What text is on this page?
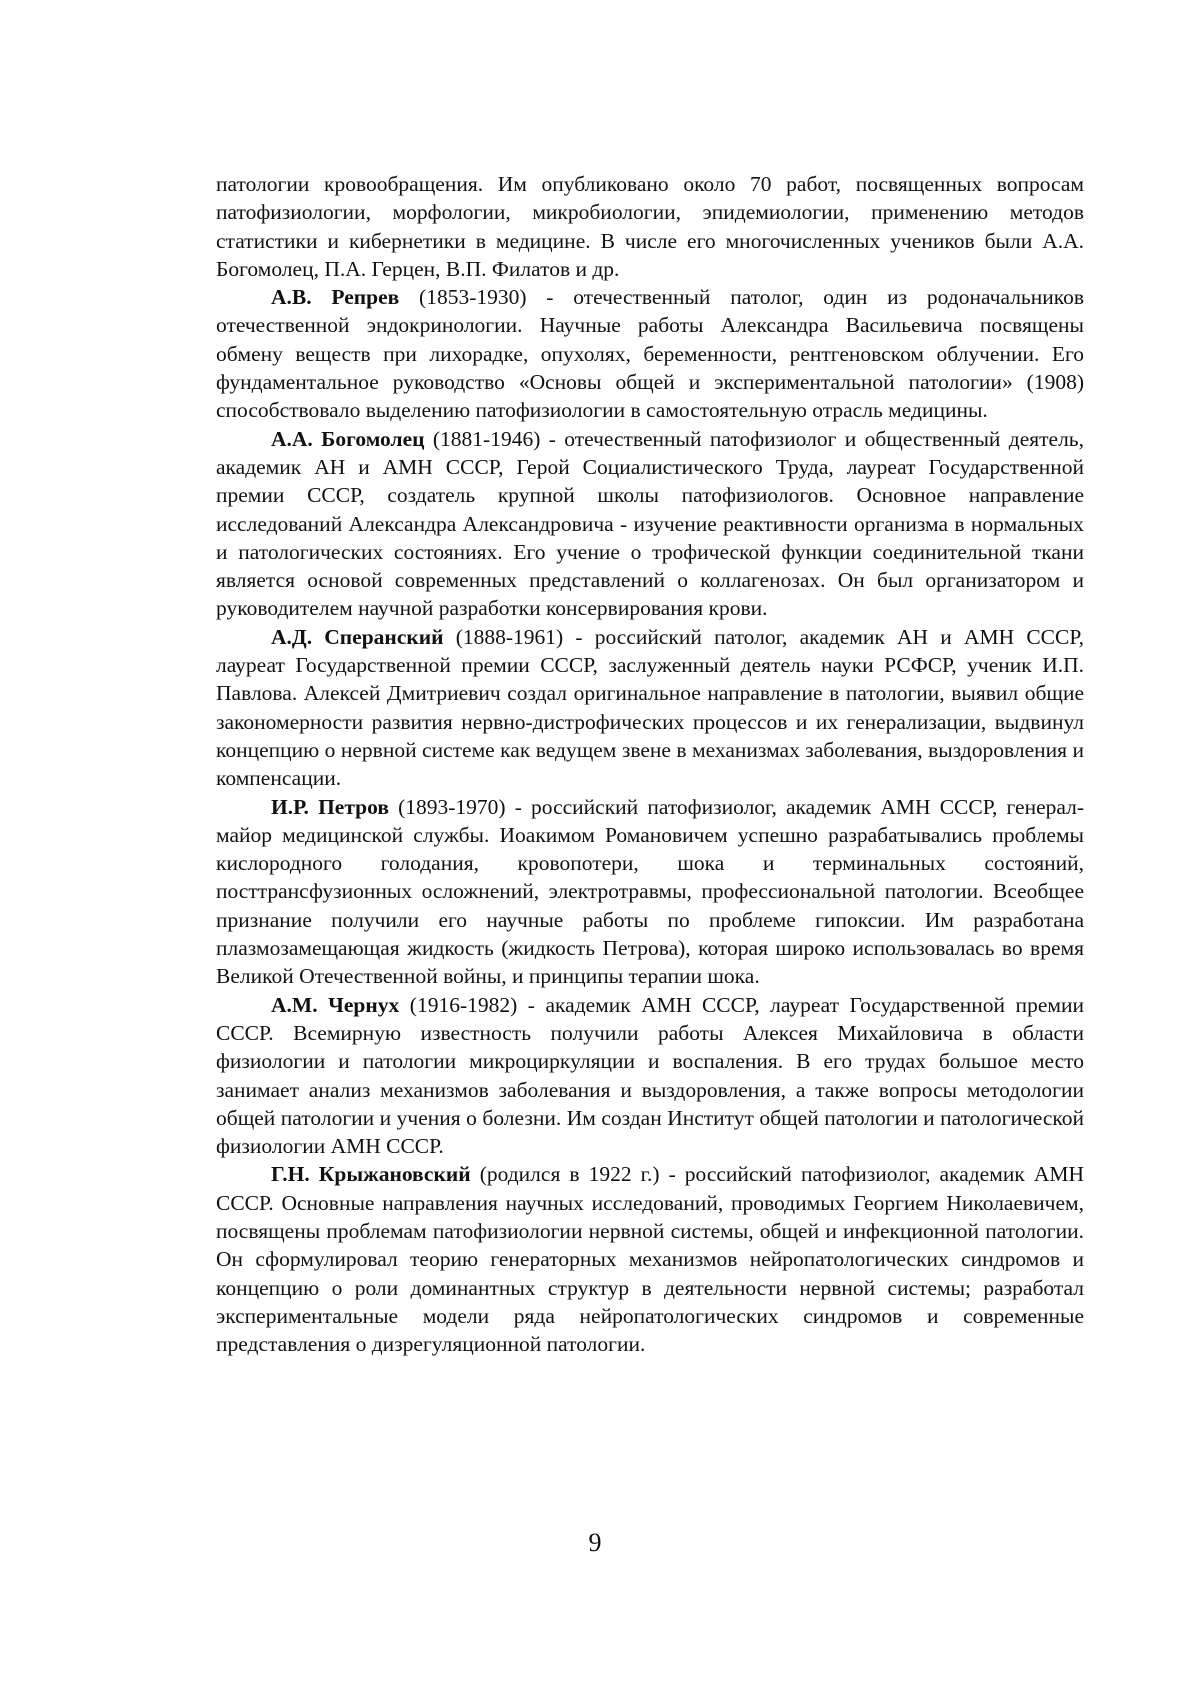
патологии кровообращения. Им опубликовано около 70 работ, посвященных вопросам патофизиологии, морфологии, микробиологии, эпидемиологии, применению методов статистики и кибернетики в медицине. В числе его многочисленных учеников были А.А. Богомолец, П.А. Герцен, В.П. Филатов и др.

А.В. Репрев (1853-1930) - отечественный патолог, один из родоначальников отечественной эндокринологии. Научные работы Александра Васильевича посвящены обмену веществ при лихорадке, опухолях, беременности, рентгеновском облучении. Его фундаментальное руководство «Основы общей и экспериментальной патологии» (1908) способствовало выделению патофизиологии в самостоятельную отрасль медицины.

А.А. Богомолец (1881-1946) - отечественный патофизиолог и общественный деятель, академик АН и АМН СССР, Герой Социалистического Труда, лауреат Государственной премии СССР, создатель крупной школы патофизиологов. Основное направление исследований Александра Александровича - изучение реактивности организма в нормальных и патологических состояниях. Его учение о трофической функции соединительной ткани является основой современных представлений о коллагенозах. Он был организатором и руководителем научной разработки консервирования крови.

А.Д. Сперанский (1888-1961) - российский патолог, академик АН и АМН СССР, лауреат Государственной премии СССР, заслуженный деятель науки РСФСР, ученик И.П. Павлова. Алексей Дмитриевич создал оригинальное направление в патологии, выявил общие закономерности развития нервно-дистрофических процессов и их генерализации, выдвинул концепцию о нервной системе как ведущем звене в механизмах заболевания, выздоровления и компенсации.

И.Р. Петров (1893-1970) - российский патофизиолог, академик АМН СССР, генерал-майор медицинской службы. Иоакимом Романовичем успешно разрабатывались проблемы кислородного голодания, кровопотери, шока и терминальных состояний, посттрансфузионных осложнений, электротравмы, профессиональной патологии. Всеобщее признание получили его научные работы по проблеме гипоксии. Им разработана плазмозамещающая жидкость (жидкость Петрова), которая широко использовалась во время Великой Отечественной войны, и принципы терапии шока.

А.М. Чернух (1916-1982) - академик АМН СССР, лауреат Государственной премии СССР. Всемирную известность получили работы Алексея Михайловича в области физиологии и патологии микроциркуляции и воспаления. В его трудах большое место занимает анализ механизмов заболевания и выздоровления, а также вопросы методологии общей патологии и учения о болезни. Им создан Институт общей патологии и патологической физиологии АМН СССР.

Г.Н. Крыжановский (родился в 1922 г.) - российский патофизиолог, академик АМН СССР. Основные направления научных исследований, проводимых Георгием Николаевичем, посвящены проблемам патофизиологии нервной системы, общей и инфекционной патологии. Он сформулировал теорию генераторных механизмов нейропатологических синдромов и концепцию о роли доминантных структур в деятельности нервной системы; разработал экспериментальные модели ряда нейропатологических синдромов и современные представления о дизрегуляционной патологии.

9
